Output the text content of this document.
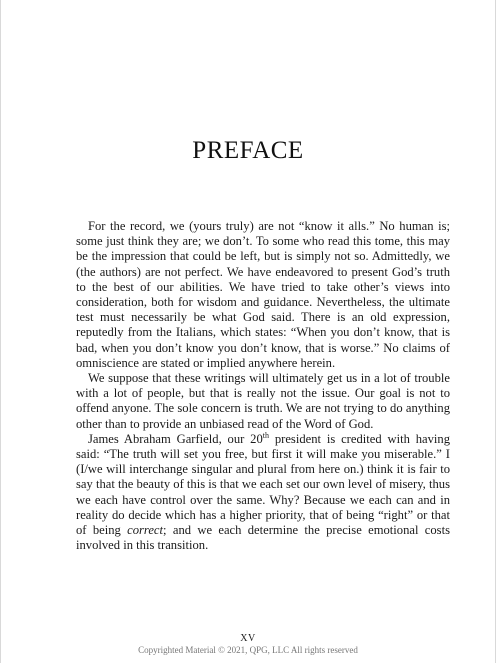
PREFACE

For the record, we (yours truly) are not “know it alls.” No human is; some just think they are; we don’t. To some who read this tome, this may be the impression that could be left, but is simply not so. Admittedly, we (the authors) are not perfect. We have endeavored to present God’s truth to the best of our abilities. We have tried to take other’s views into consideration, both for wisdom and guidance. Nevertheless, the ultimate test must necessarily be what God said. There is an old expression, reputedly from the Italians, which states: “When you don’t know, that is bad, when you don’t know you don’t know, that is worse.” No claims of omniscience are stated or implied anywhere herein.

We suppose that these writings will ultimately get us in a lot of trouble with a lot of people, but that is really not the issue. Our goal is not to offend anyone. The sole concern is truth. We are not trying to do anything other than to provide an unbiased read of the Word of God.

James Abraham Garfield, our 20th president is credited with having said: “The truth will set you free, but first it will make you miserable.” I (I/we will interchange singular and plural from here on.) think it is fair to say that the beauty of this is that we each set our own level of misery, thus we each have control over the same. Why? Because we each can and in reality do decide which has a higher priority, that of being “right” or that of being correct; and we each determine the precise emotional costs involved in this transition.

XV
Copyrighted Material © 2021, QPG, LLC All rights reserved
